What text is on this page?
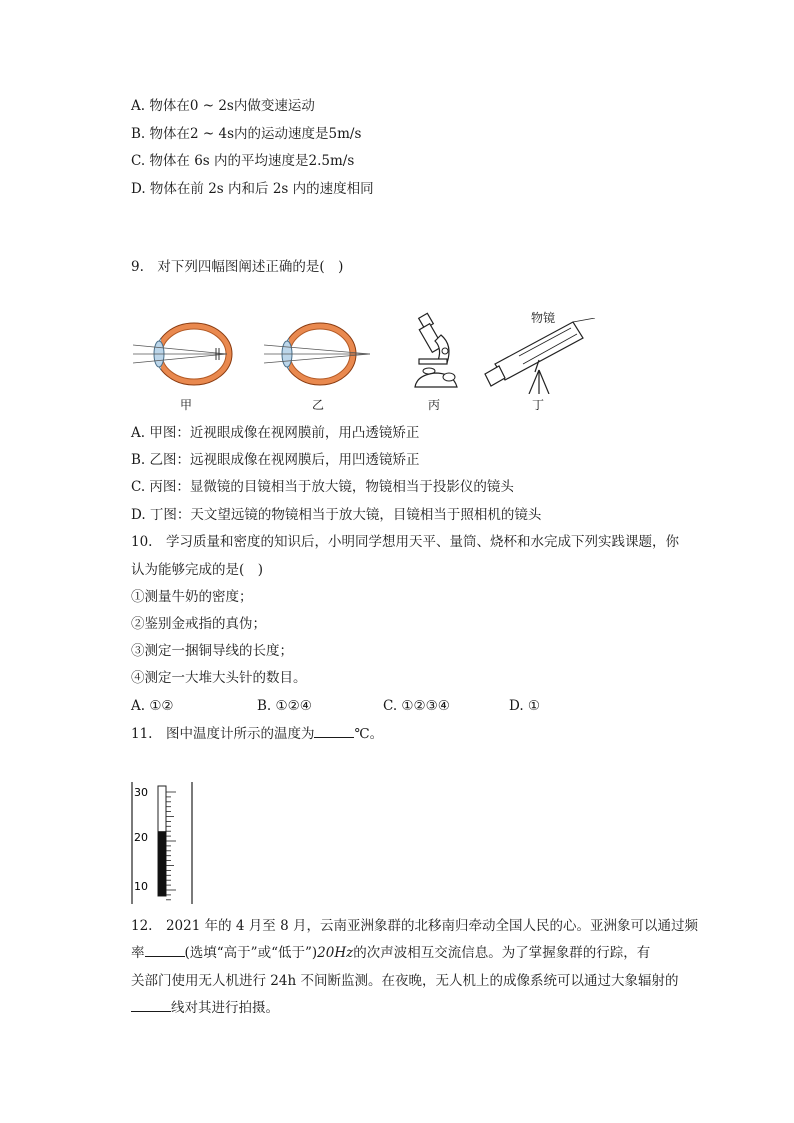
A. 物体在0 ~ 2s内做变速运动
B. 物体在2 ~ 4s内的运动速度是5m/s
C. 物体在 6s 内的平均速度是2.5m/s
D. 物体在前 2s 内和后 2s 内的速度相同
9.　对下列四幅图阐述正确的是(　)
甲	乙	丙
物镜
丁
A. 甲图：近视眼成像在视网膜前，用凸透镜矫正
B. 乙图：远视眼成像在视网膜后，用凹透镜矫正
C. 丙图：显微镜的目镜相当于放大镜，物镜相当于投影仪的镜头
D. 丁图：天文望远镜的物镜相当于放大镜，目镜相当于照相机的镜头
10.　学习质量和密度的知识后，小明同学想用天平、量筒、烧杯和水完成下列实践课题，你
认为能够完成的是(　)
①测量牛奶的密度；
②鉴别金戒指的真伪；
③测定一捆铜导线的长度；
④测定一大堆大头针的数目。
A. ①②	B. ①②④	C. ①②③④	D. ①
11.　图中温度计所示的温度为	℃。
30
20
10
12.　2021 年的 4 月至 8 月，云南亚洲象群的北移南归牵动全国人民的心。亚洲象可以通过频
率	(选填“高于”或“低于”)20Hz的次声波相互交流信息。为了掌握象群的行踪，有
关部门使用无人机进行 24h 不间断监测。在夜晚，无人机上的成像系统可以通过大象辐射的
线对其进行拍摄。
